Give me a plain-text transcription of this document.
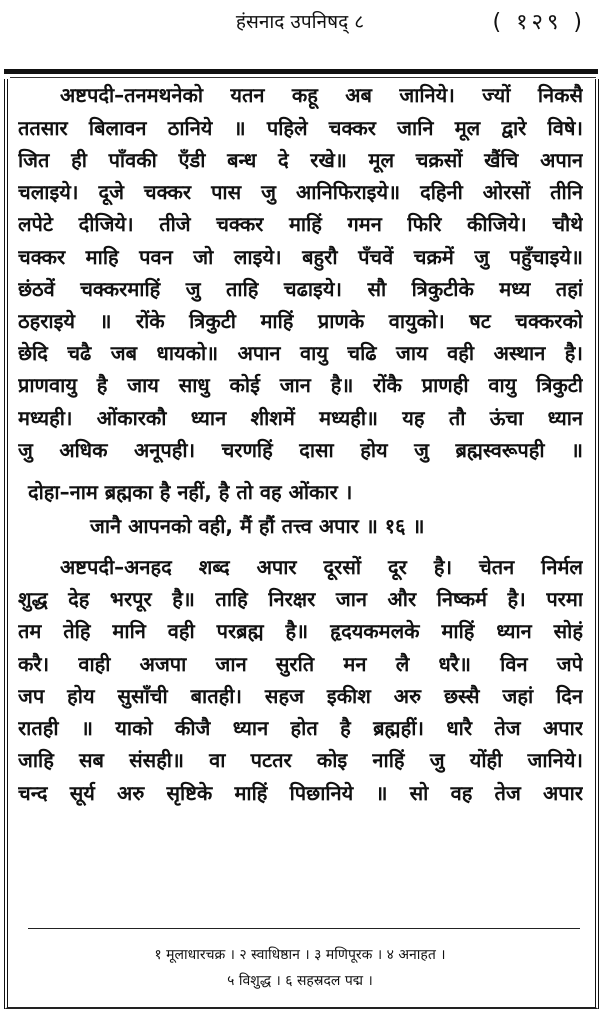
हंसनाद उपनिषद् ८	( १२९ )
अष्टपदी–तनमथनेको यतन कहू अब जानिये। ज्यों निकसै
ततसार बिलावन ठानिये ॥ पहिले चक्कर जानि मूल द्वारे विषे।
जित ही पाँवकी एँडी बन्ध दे रखे॥ मूल चक्रसों खैंचि अपान
चलाइये। दूजे चक्कर पास जु आनिफिराइये॥ दहिनी ओरसों तीनि
लपेटे दीजिये। तीजे चक्कर माहिं गमन फिरि कीजिये। चौथे
चक्कर माहि पवन जो लाइये। बहुरौ पँचवें चक्रमें जु पहुँचाइये॥
छंठवें चक्करमाहिं जु ताहि चढाइये। सौ त्रिकुटीके मध्य तहां
ठहराइये ॥ रोंके त्रिकुटी माहिं प्राणके वायुको। षट चक्करको
छेदि चढै जब धायको॥ अपान वायु चढि जाय वही अस्थान है।
प्राणवायु है जाय साधु कोई जान है॥ रोंकै प्राणही वायु त्रिकुटी
मध्यही। ओंकारकौ ध्यान शीशमें मध्यही॥ यह तौ ऊंचा ध्यान
जु अधिक अनूपही। चरणहिं दासा होय जु ब्रह्मस्वरूपही ॥
दोहा–नाम ब्रह्मका है नहीं, है तो वह ओंकार ।
जानै आपनको वही, मैं हौं तत्त्व अपार ॥ १६ ॥
अष्टपदी–अनहद शब्द अपार दूरसों दूर है। चेतन निर्मल
शुद्ध देह भरपूर है॥ ताहि निरक्षर जान और निष्कर्म है। परमा
तम तेहि मानि वही परब्रह्म है॥ हृदयकमलके माहिं ध्यान सोहं
करै। वाही अजपा जान सुरति मन लै धरै॥ विन जपे
जप होय सुसाँची बातही। सहज इकीश अरु छस्सै जहां दिन
रातही ॥ याको कीजै ध्यान होत है ब्रह्महीं। धारै तेज अपार
जाहि सब संसही॥ वा पटतर कोइ नाहिं जु योंही जानिये।
चन्द सूर्य अरु सृष्टिके माहिं पिछानिये ॥ सो वह तेज अपार
१ मूलाधारचक्र । २ स्वाधिष्ठान । ३ मणिपूरक । ४ अनाहत ।
५ विशुद्ध । ६ सहस्रदल पद्म ।
